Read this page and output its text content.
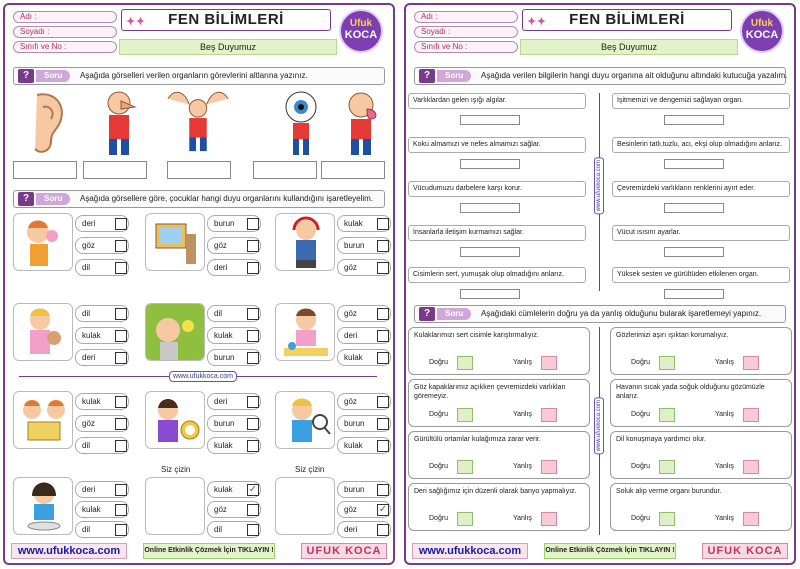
Adı :
Soyadı :
Sınıfı ve No :
✦✦ FEN BİLİMLERİ
Beş Duyumuz
Ufuk
KOCA
?	Soru	Aşağıda görselleri verilen organların görevlerini altlarına yazınız.
?	Soru	Aşağıda görsellere göre, çocuklar hangi duyu organlarını kullandığını işaretleyelim.
deri
göz
dil
burun
göz
deri
kulak
burun
göz
dil
kulak
deri
dil
kulak
burun
göz
deri
kulak
www.ufukkoca.com
kulak
göz
dil
deri
burun
kulak
göz
burun
kulak
Siz çizin	Siz çizin
deri
kulak
dil
kulak	✓
göz
dil
burun
göz	✓
deri
www.ufukkoca.com	Online Etkinlik Çözmek İçin TIKLAYIN !	UFUK KOCA
Adı :
Soyadı :
Sınıfı ve No :
✦✦ FEN BİLİMLERİ
Beş Duyumuz
Ufuk
KOCA
?	Soru	Aşağıda verilen bilgilerin hangi duyu organına ait olduğunu altındaki kutucuğa yazalım.
www.ufukkoca.com
Varlıklardan gelen ışığı algılar.
Koku almamızı ve nefes almamızı sağlar.
Vücudumuzu darbelere karşı korur.
İnsanlarla iletişim kurmamızı sağlar.
Cisimlerin sert, yumuşak olup olmadığını anlarız.
İşitmemizi ve dengemizi sağlayan organ.
Besinlerin tatlı,tuzlu, acı, ekşi olup olmadığını anlarız.
Çevremizdeki varlıkların renklerini ayırt eder.
Vücut ısısını ayarlar.
Yüksek sesten ve gürültüden etkilenen organ.
?	Soru	Aşağıdaki cümlelerin doğru ya da yanlış olduğunu bularak işaretlemeyi yapınız.
www.ufukkoca.com
Kulaklarımızı sert cisimle karıştırmalıyız.
Doğru	Yanlış
Göz kapaklarımız açıkken çevremizdeki varlıkları göremeyiz.
Doğru	Yanlış
Gürültülü ortamlar kulağımıza zarar verir.
Doğru	Yanlış
Deri sağlığımız için düzenli olarak banyo yapmalıyız.
Doğru	Yanlış
Gözlerimizi aşırı ışıktan korumalıyız.
Doğru	Yanlış
Havanın sıcak yada soğuk olduğunu gözümüzle anlarız.
Doğru	Yanlış
Dil konuşmaya yardımcı olur.
Doğru	Yanlış
Soluk alıp verme organı burundur.
Doğru	Yanlış
www.ufukkoca.com	Online Etkinlik Çözmek İçin TIKLAYIN !	UFUK KOCA
